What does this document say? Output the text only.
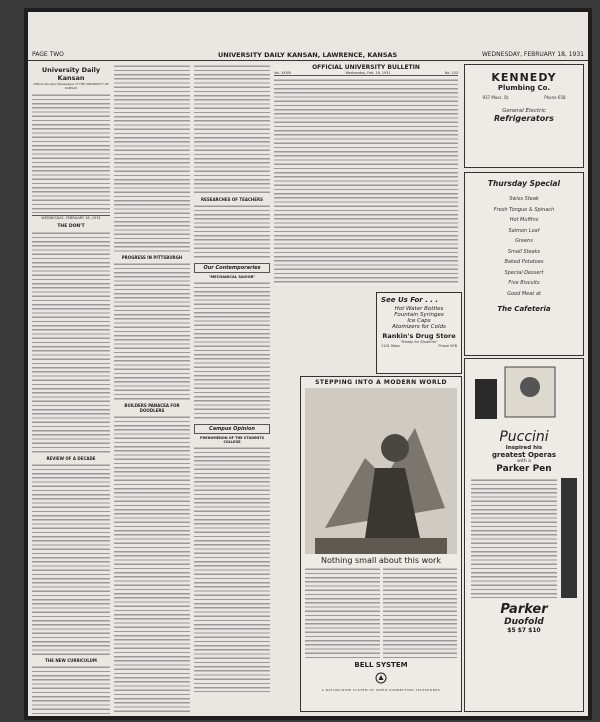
PAGE TWO	UNIVERSITY DAILY KANSAN, LAWRENCE, KANSAS	WEDNESDAY, FEBRUARY 18, 1931
University Daily Kansan
Official Student Newspaper of THE UNIVERSITY OF KANSAS
WEDNESDAY, FEBRUARY 18, 1931
THE DON'T
REVIEW OF A DECADE
THE NEW CURRICULUM
PROGRESS IN PITTSBURGH
BUILDERS PANACEA FOR DOODLERS
RESEARCHES OF TEACHERS
Our Contemporaries
"MECHANICAL SAVIOR"
Campus Opinion
PHENOMENON OF THE STUDENTS COLLEGE
OFFICIAL UNIVERSITY BULLETIN
Vol. XXVIII	Wednesday, Feb. 18, 1931	No. 103	KENNEDY
Plumbing Co.
937 Mass. St.	Phone 658
General Electric
Refrigerators
Thursday Special
Swiss Steak
Fresh Tongue & Spinach
Hot Muffins
Salmon Loaf
Greens
Small Steaks
Baked Potatoes
Special Dessert
Five Biscuits
Good Meat at
The Cafeteria
See Us For . . .
Hot Water Bottles
Fountain Syringes
Ice Caps
Atomizers for Colds
Rankin's Drug Store
"Ready for Students"
1101 Mass	Phone 678
STEPPING INTO A MODERN WORLD
Nothing small about this work
BELL SYSTEM
A NATION-WIDE SYSTEM OF INTER-CONNECTING TELEPHONES
Puccini
Inspired his
greatest Operas
with a
Parker Pen
Parker
Duofold
$5 $7 $10
